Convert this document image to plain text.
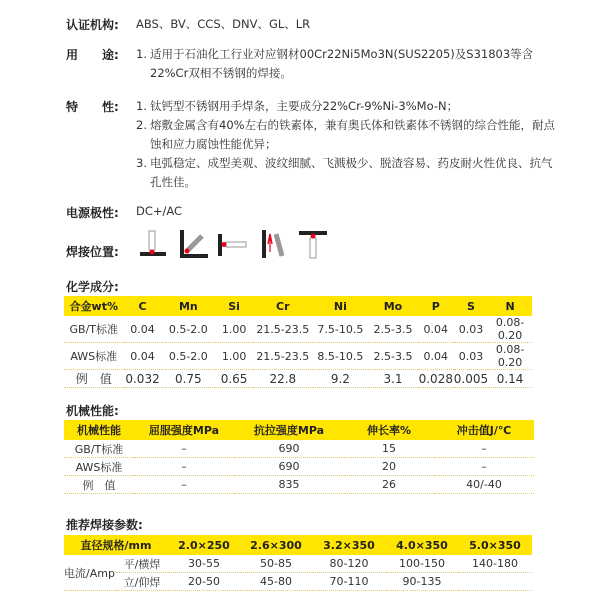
认证机构: ABS、BV、CCS、DNV、GL、LR
用　　途: 1. 适用于石油化工行业对应钢材00Cr22Ni5Mo3N(SUS2205)及S31803等含 22%Cr双相不锈钢的焊接。
特　　性: 1. 钛钙型不锈钢用手焊条，主要成分22%Cr-9%Ni-3%Mo-N；
2. 熔敷金属含有40%左右的铁素体，兼有奥氏体和铁素体不锈钢的综合性能，耐点蚀和应力腐蚀性能优异；
3. 电弧稳定、成型美观、波纹细腻、飞溅极少、脱渣容易、药皮耐火性优良、抗气孔性佳。
电源极性: DC+/AC
焊接位置:
化学成分:
合金wt%	C	Mn	Si	Cr	Ni	Mo	P	S	N
GB/T标准	0.04	0.5-2.0	1.00	21.5-23.5	7.5-10.5	2.5-3.5	0.04	0.03	0.08-0.20
AWS标准	0.04	0.5-2.0	1.00	21.5-23.5	8.5-10.5	2.5-3.5	0.04	0.03	0.08-0.20
例　值	0.032	0.75	0.65	22.8	9.2	3.1	0.028	0.005	0.14
机械性能:
机械性能	屈服强度MPa	抗拉强度MPa	伸长率%	冲击值J/℃
GB/T标准	–	690	15	–
AWS标准	–	690	20	–
例　值	–	835	26	40/-40
推荐焊接参数:
直径规格/mm		2.0×250	2.6×300	3.2×350	4.0×350	5.0×350
电流/Amp	平/横焊	30-55	50-85	80-120	100-150	140-180
	立/仰焊	20-50	45-80	70-110	90-135	
